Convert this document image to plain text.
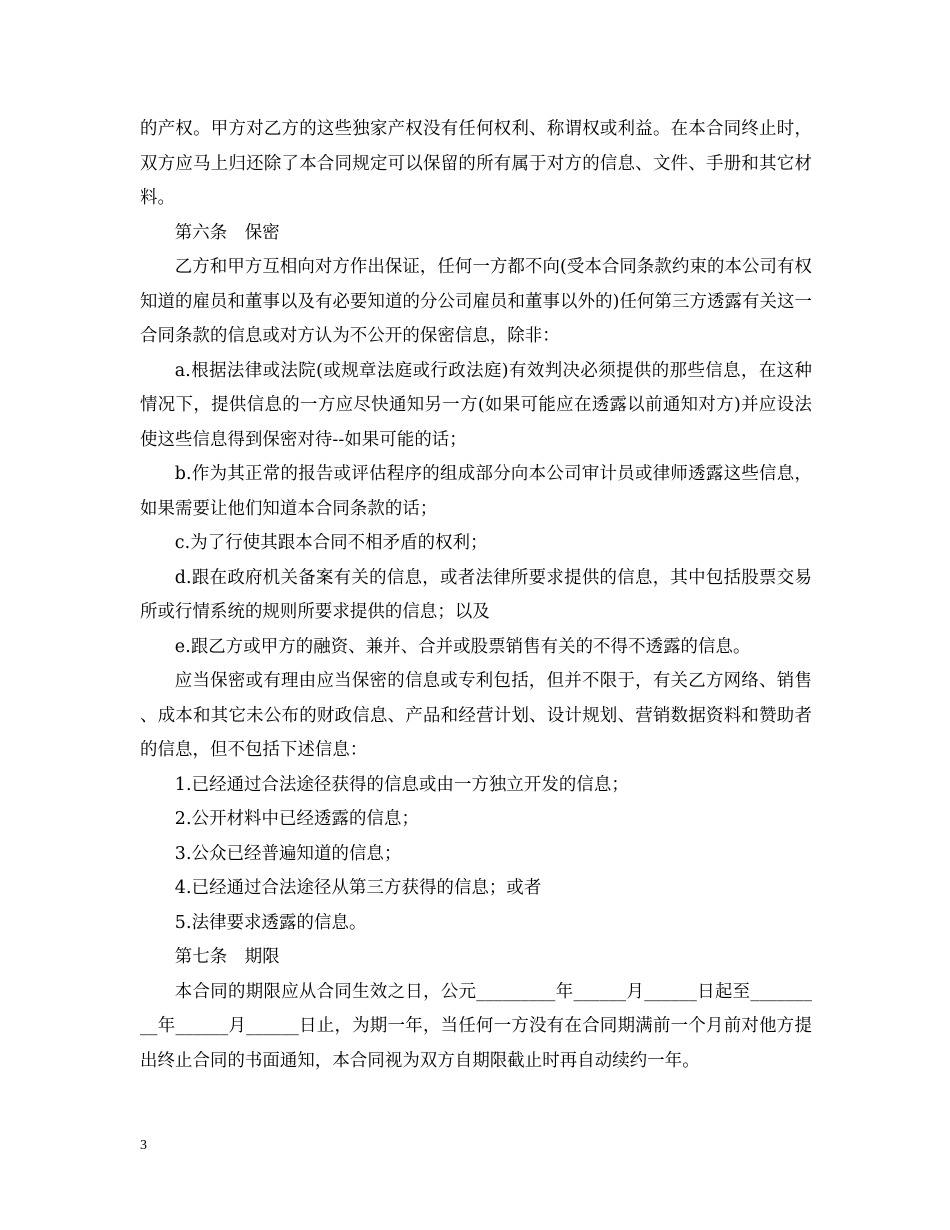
的产权。甲方对乙方的这些独家产权没有任何权利、称谓权或利益。在本合同终止时，双方应马上归还除了本合同规定可以保留的所有属于对方的信息、文件、手册和其它材料。

第六条　保密

乙方和甲方互相向对方作出保证，任何一方都不向(受本合同条款约束的本公司有权知道的雇员和董事以及有必要知道的分公司雇员和董事以外的)任何第三方透露有关这一合同条款的信息或对方认为不公开的保密信息，除非：

a.根据法律或法院(或规章法庭或行政法庭)有效判决必须提供的那些信息，在这种情况下，提供信息的一方应尽快通知另一方(如果可能应在透露以前通知对方)并应设法使这些信息得到保密对待--如果可能的话；

b.作为其正常的报告或评估程序的组成部分向本公司审计员或律师透露这些信息，如果需要让他们知道本合同条款的话；

c.为了行使其跟本合同不相矛盾的权利；

d.跟在政府机关备案有关的信息，或者法律所要求提供的信息，其中包括股票交易所或行情系统的规则所要求提供的信息；以及

e.跟乙方或甲方的融资、兼并、合并或股票销售有关的不得不透露的信息。

应当保密或有理由应当保密的信息或专利包括，但并不限于，有关乙方网络、销售、成本和其它未公布的财政信息、产品和经营计划、设计规划、营销数据资料和赞助者的信息，但不包括下述信息：

1.已经通过合法途径获得的信息或由一方独立开发的信息；

2.公开材料中已经透露的信息；

3.公众已经普遍知道的信息；

4.已经通过合法途径从第三方获得的信息；或者

5.法律要求透露的信息。

第七条　期限

本合同的期限应从合同生效之日，公元_________年______月______日起至_________年______月______日止，为期一年，当任何一方没有在合同期满前一个月前对他方提出终止合同的书面通知，本合同视为双方自期限截止时再自动续约一年。

3
